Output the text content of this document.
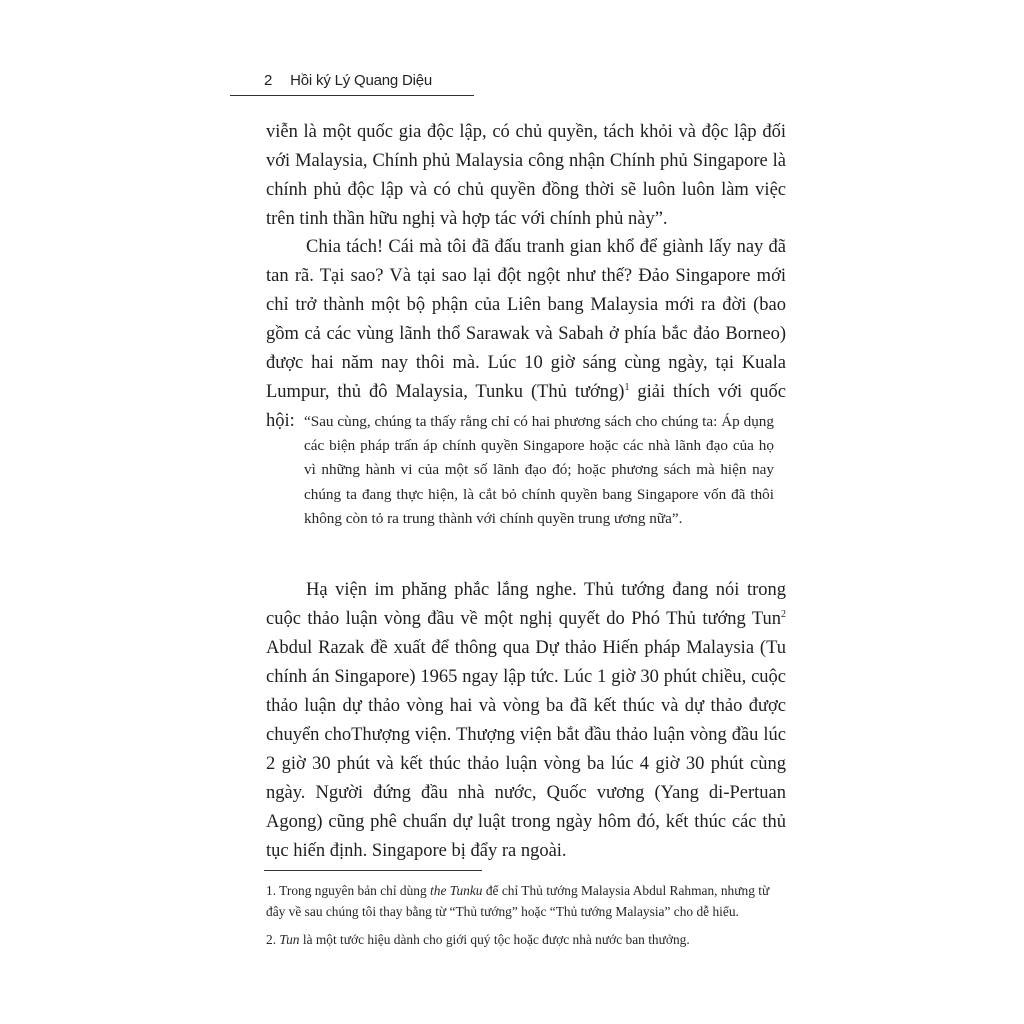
2 Hồi ký Lý Quang Diệu

viễn là một quốc gia độc lập, có chủ quyền, tách khỏi và độc lập đối với Malaysia, Chính phủ Malaysia công nhận Chính phủ Singapore là chính phủ độc lập và có chủ quyền đồng thời sẽ luôn luôn làm việc trên tinh thần hữu nghị và hợp tác với chính phủ này”.

Chia tách! Cái mà tôi đã đấu tranh gian khổ để giành lấy nay đã tan rã. Tại sao? Và tại sao lại đột ngột như thế? Đảo Singapore mới chỉ trở thành một bộ phận của Liên bang Malaysia mới ra đời (bao gồm cả các vùng lãnh thổ Sarawak và Sabah ở phía bắc đảo Borneo) được hai năm nay thôi mà. Lúc 10 giờ sáng cùng ngày, tại Kuala Lumpur, thủ đô Malaysia, Tunku (Thủ tướng)$^1$ giải thích với quốc hội: “Sau cùng, chúng ta thấy rằng chỉ có hai phương sách cho chúng ta: Áp dụng các biện pháp trấn áp chính quyền Singapore hoặc các nhà lãnh đạo của họ vì những hành vi của một số lãnh đạo đó; hoặc phương sách mà hiện nay chúng ta đang thực hiện, là cắt bỏ chính quyền bang Singapore vốn đã thôi không còn tỏ ra trung thành với chính quyền trung ương nữa”.

Hạ viện im phăng phắc lắng nghe. Thủ tướng đang nói trong cuộc thảo luận vòng đầu về một nghị quyết do Phó Thủ tướng Tun$^2$ Abdul Razak đề xuất để thông qua Dự thảo Hiến pháp Malaysia (Tu chính án Singapore) 1965 ngay lập tức. Lúc 1 giờ 30 phút chiều, cuộc thảo luận dự thảo vòng hai và vòng ba đã kết thúc và dự thảo được chuyển choThượng viện. Thượng viện bắt đầu thảo luận vòng đầu lúc 2 giờ 30 phút và kết thúc thảo luận vòng ba lúc 4 giờ 30 phút cùng ngày. Người đứng đầu nhà nước, Quốc vương (Yang di-Pertuan Agong) cũng phê chuẩn dự luật trong ngày hôm đó, kết thúc các thủ tục hiến định. Singapore bị đẩy ra ngoài.

1. Trong nguyên bản chỉ dùng the Tunku để chỉ Thủ tướng Malaysia Abdul Rahman, nhưng từ đây về sau chúng tôi thay bằng từ “Thủ tướng” hoặc “Thủ tướng Malaysia” cho dễ hiểu.

2. Tun là một tước hiệu dành cho giới quý tộc hoặc được nhà nước ban thưởng.
